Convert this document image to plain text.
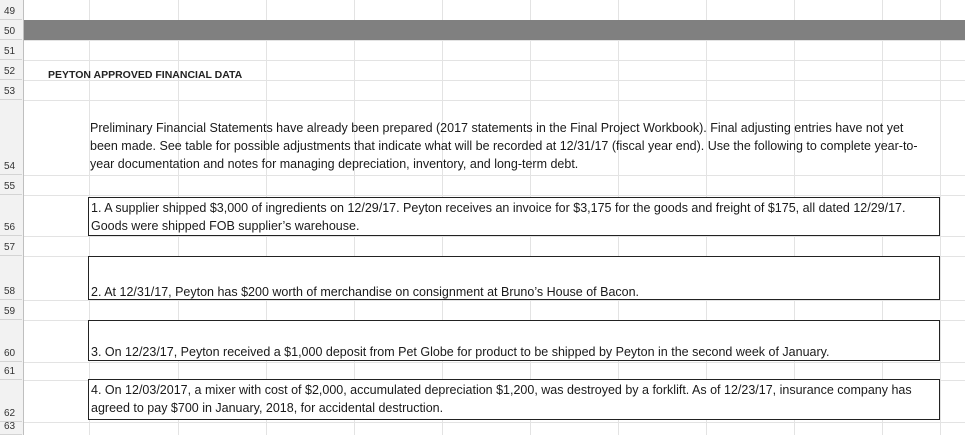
49
50
51
52
53
54
55
56
57
58
59
60
61
62
63
PEYTON APPROVED FINANCIAL DATA
Preliminary Financial Statements have already been prepared (2017 statements in the Final Project Workbook). Final adjusting entries have not yet been made. See table for possible adjustments that indicate what will be recorded at 12/31/17 (fiscal year end). Use the following to complete year-to-year documentation and notes for managing depreciation, inventory, and long-term debt.
1. A supplier shipped $3,000 of ingredients on 12/29/17. Peyton receives an invoice for $3,175 for the goods and freight of $175, all dated 12/29/17. Goods were shipped FOB supplier’s warehouse.
2. At 12/31/17, Peyton has $200 worth of merchandise on consignment at Bruno’s House of Bacon.
3. On 12/23/17, Peyton received a $1,000 deposit from Pet Globe for product to be shipped by Peyton in the second week of January.
4. On 12/03/2017, a mixer with cost of $2,000, accumulated depreciation $1,200, was destroyed by a forklift. As of 12/23/17, insurance company has agreed to pay $700 in January, 2018, for accidental destruction.
